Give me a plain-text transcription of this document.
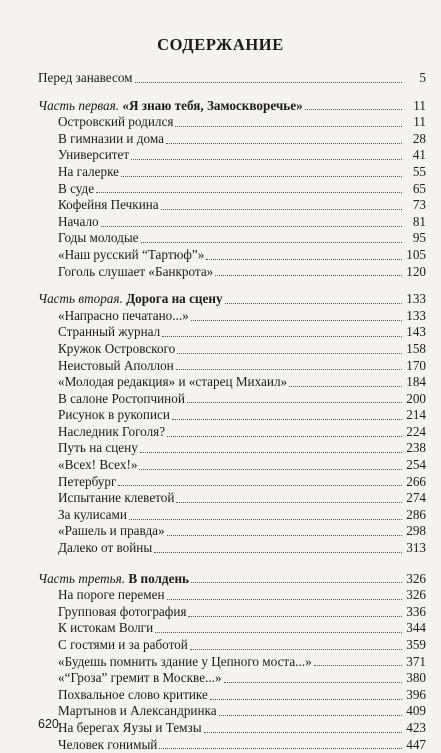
СОДЕРЖАНИЕ
Перед занавесом	5
Часть первая. «Я знаю тебя, Замоскворечье»	11
Островский родился	11
В гимназии и дома	28
Университет	41
На галерке	55
В суде	65
Кофейня Печкина	73
Начало	81
Годы молодые	95
«Наш русский “Тартюф”»	105
Гоголь слушает «Банкрота»	120
Часть вторая. Дорога на сцену	133
«Напрасно печатано...»	133
Странный журнал	143
Кружок Островского	158
Неистовый Аполлон	170
«Молодая редакция» и «старец Михаил»	184
В салоне Ростопчиной	200
Рисунок в рукописи	214
Наследник Гоголя?	224
Путь на сцену	238
«Всех! Всех!»	254
Петербург	266
Испытание клеветой	274
За кулисами	286
«Рашель и правда»	298
Далеко от войны	313
Часть третья. В полдень	326
На пороге перемен	326
Групповая фотография	336
К истокам Волги	344
С гостями и за работой	359
«Будешь помнить здание у Цепного моста...»	371
«“Гроза” гремит в Москве...»	380
Похвальное слово критике	396
Мартынов и Александринка	409
На берегах Яузы и Темзы	423
Человек гонимый	447
620
